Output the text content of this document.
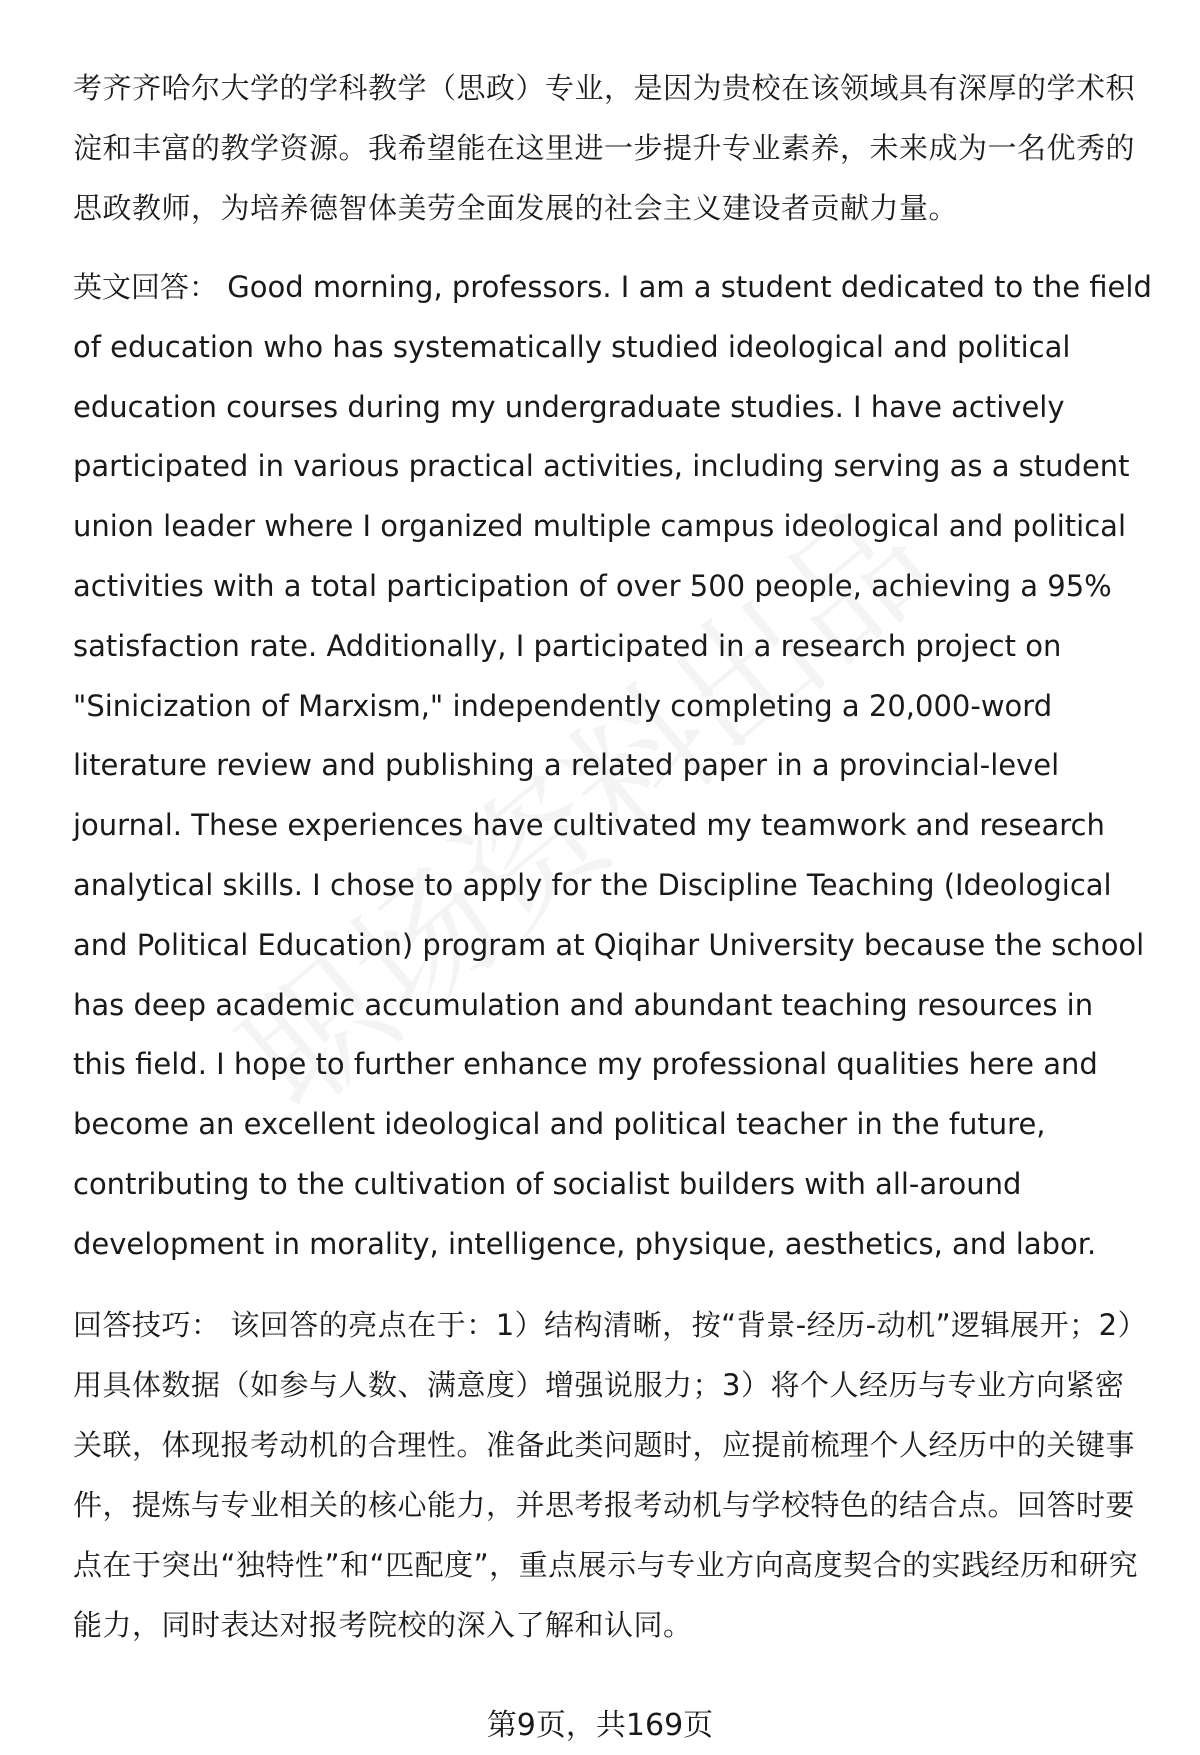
考齐齐哈尔大学的学科教学（思政）专业，是因为贵校在该领域具有深厚的学术积淀和丰富的教学资源。我希望能在这里进一步提升专业素养，未来成为一名优秀的思政教师，为培养德智体美劳全面发展的社会主义建设者贡献力量。

英文回答： Good morning, professors. I am a student dedicated to the field of education who has systematically studied ideological and political education courses during my undergraduate studies. I have actively participated in various practical activities, including serving as a student union leader where I organized multiple campus ideological and political activities with a total participation of over 500 people, achieving a 95% satisfaction rate. Additionally, I participated in a research project on "Sinicization of Marxism," independently completing a 20,000-word literature review and publishing a related paper in a provincial-level journal. These experiences have cultivated my teamwork and research analytical skills. I chose to apply for the Discipline Teaching (Ideological and Political Education) program at Qiqihar University because the school has deep academic accumulation and abundant teaching resources in this field. I hope to further enhance my professional qualities here and become an excellent ideological and political teacher in the future, contributing to the cultivation of socialist builders with all-around development in morality, intelligence, physique, aesthetics, and labor.

回答技巧： 该回答的亮点在于：1）结构清晰，按“背景-经历-动机”逻辑展开；2）用具体数据（如参与人数、满意度）增强说服力；3）将个人经历与专业方向紧密关联，体现报考动机的合理性。准备此类问题时，应提前梳理个人经历中的关键事件，提炼与专业相关的核心能力，并思考报考动机与学校特色的结合点。回答时要点在于突出“独特性”和“匹配度”，重点展示与专业方向高度契合的实践经历和研究能力，同时表达对报考院校的深入了解和认同。

第9页，共169页
